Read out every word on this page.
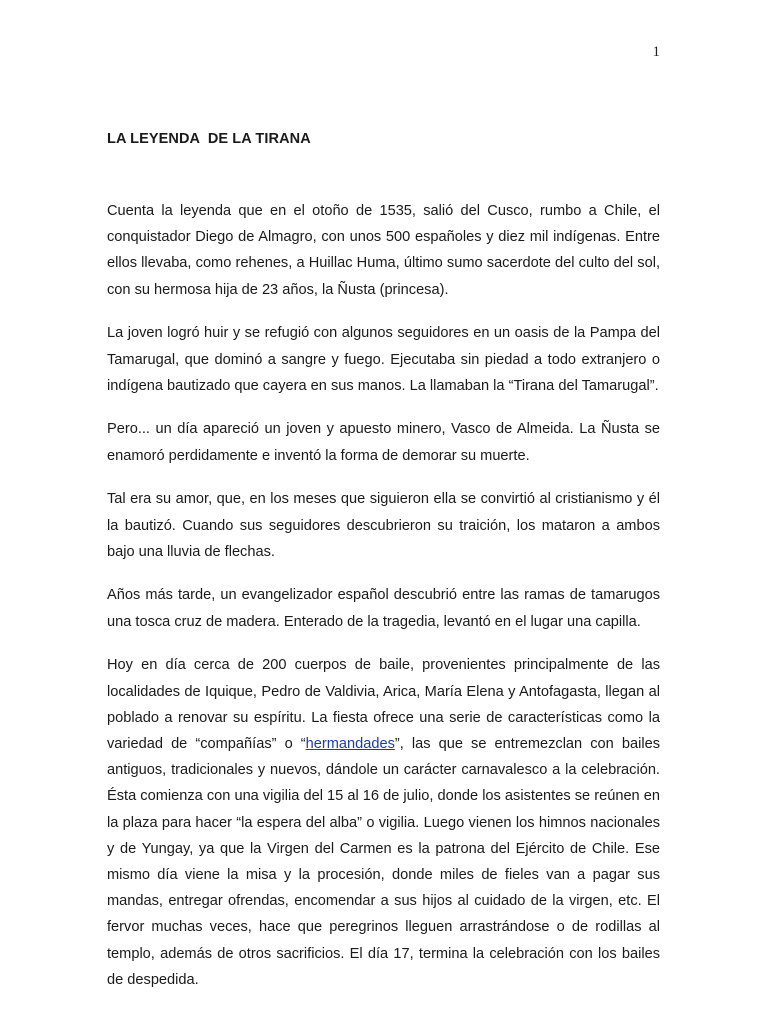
1
LA LEYENDA  DE LA TIRANA

Cuenta la leyenda que en el otoño de 1535, salió del Cusco, rumbo a Chile, el conquistador Diego de Almagro, con unos 500 españoles y diez mil indígenas. Entre ellos llevaba, como rehenes, a Huillac Huma, último sumo sacerdote del culto del sol, con su hermosa hija de 23 años, la Ñusta (princesa).

La joven logró huir y se refugió con algunos seguidores en un oasis de la Pampa del Tamarugal, que dominó a sangre y fuego. Ejecutaba sin piedad a todo extranjero o indígena bautizado que cayera en sus manos. La llamaban la “Tirana del Tamarugal”.

Pero... un día apareció un joven y apuesto minero, Vasco de Almeida. La Ñusta se enamoró perdidamente e inventó la forma de demorar su muerte.

Tal era su amor, que, en los meses que siguieron ella se convirtió al cristianismo y él la bautizó. Cuando sus seguidores descubrieron su traición, los mataron a ambos bajo una lluvia de flechas.

Años más tarde, un evangelizador español descubrió entre las ramas de tamarugos una tosca cruz de madera. Enterado de la tragedia, levantó en el lugar una capilla.

Hoy en día cerca de 200 cuerpos de baile, provenientes principalmente de las localidades de Iquique, Pedro de Valdivia, Arica, María Elena y Antofagasta, llegan al poblado a renovar su espíritu. La fiesta ofrece una serie de características como la variedad de “compañías” o “hermandades”, las que se entremezclan con bailes antiguos, tradicionales y nuevos, dándole un carácter carnavalesco a la celebración. Ésta comienza con una vigilia del 15 al 16 de julio, donde los asistentes se reúnen en la plaza para hacer “la espera del alba” o vigilia. Luego vienen los himnos nacionales y de Yungay, ya que la Virgen del Carmen es la patrona del Ejército de Chile. Ese mismo día viene la misa y la procesión, donde miles de fieles van a pagar sus mandas, entregar ofrendas, encomendar a sus hijos al cuidado de la virgen, etc. El fervor muchas veces, hace que peregrinos lleguen arrastrándose o de rodillas al templo, además de otros sacrificios. El día 17, termina la celebración con los bailes de despedida.
